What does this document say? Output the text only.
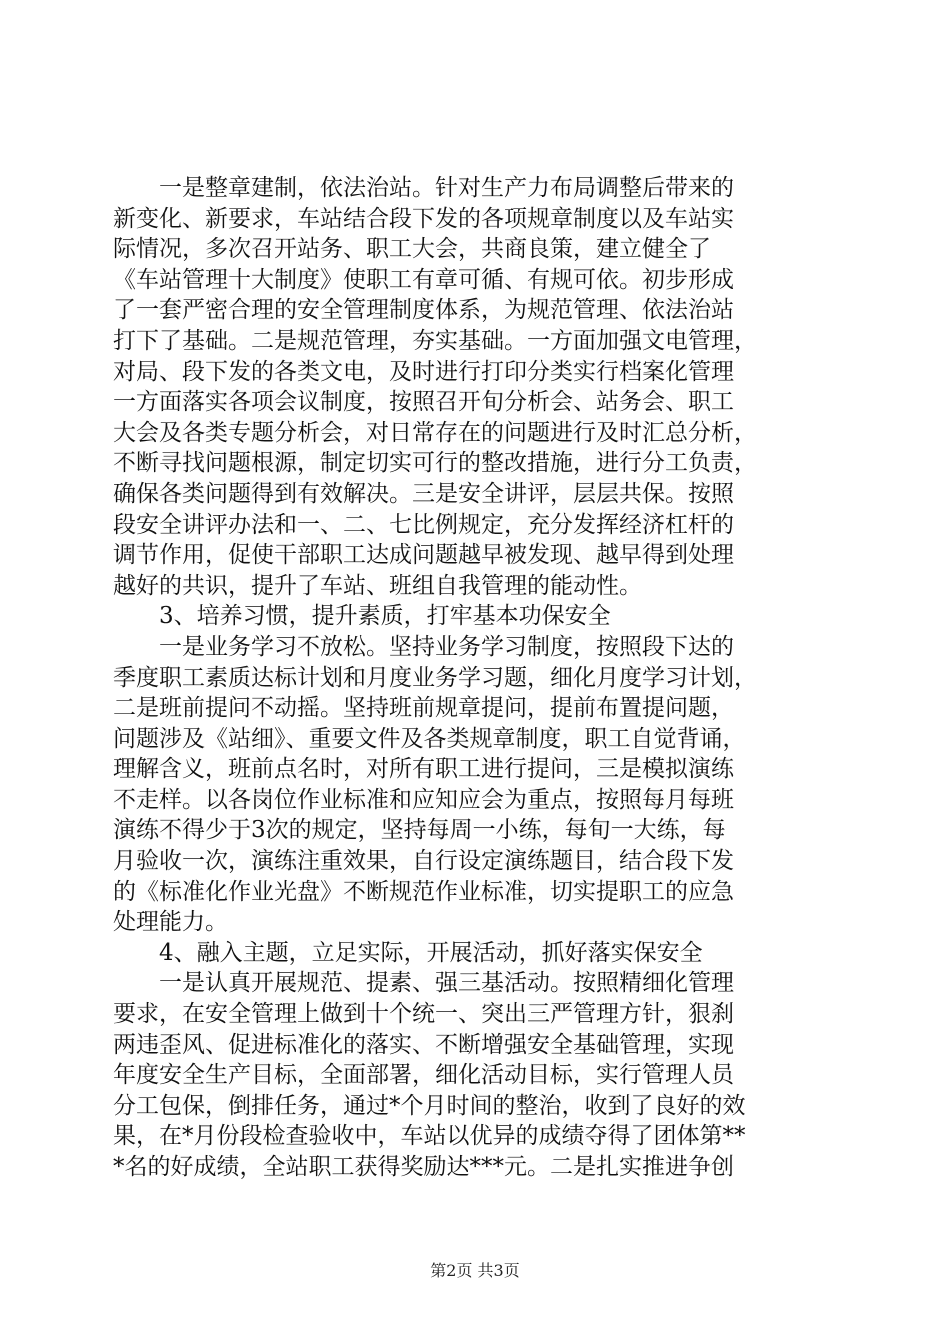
一是整章建制，依法治站。针对生产力布局调整后带来的
新变化、新要求，车站结合段下发的各项规章制度以及车站实
际情况，多次召开站务、职工大会，共商良策，建立健全了
《车站管理十大制度》使职工有章可循、有规可依。初步形成
了一套严密合理的安全管理制度体系，为规范管理、依法治站
打下了基础。二是规范管理，夯实基础。一方面加强文电管理，
对局、段下发的各类文电，及时进行打印分类实行档案化管理
一方面落实各项会议制度，按照召开旬分析会、站务会、职工
大会及各类专题分析会，对日常存在的问题进行及时汇总分析，
不断寻找问题根源，制定切实可行的整改措施，进行分工负责，
确保各类问题得到有效解决。三是安全讲评，层层共保。按照
段安全讲评办法和一、二、七比例规定，充分发挥经济杠杆的
调节作用，促使干部职工达成问题越早被发现、越早得到处理
越好的共识，提升了车站、班组自我管理的能动性。
3、培养习惯，提升素质，打牢基本功保安全
一是业务学习不放松。坚持业务学习制度，按照段下达的
季度职工素质达标计划和月度业务学习题，细化月度学习计划，
二是班前提问不动摇。坚持班前规章提问，提前布置提问题，
问题涉及《站细》、重要文件及各类规章制度，职工自觉背诵，
理解含义，班前点名时，对所有职工进行提问，三是模拟演练
不走样。以各岗位作业标准和应知应会为重点，按照每月每班
演练不得少于3次的规定，坚持每周一小练，每旬一大练，每
月验收一次，演练注重效果，自行设定演练题目，结合段下发
的《标准化作业光盘》不断规范作业标准，切实提职工的应急
处理能力。
4、融入主题，立足实际，开展活动，抓好落实保安全
一是认真开展规范、提素、强三基活动。按照精细化管理
要求，在安全管理上做到十个统一、突出三严管理方针，狠刹
两违歪风、促进标准化的落实、不断增强安全基础管理，实现
年度安全生产目标，全面部署，细化活动目标，实行管理人员
分工包保，倒排任务，通过*个月时间的整治，收到了良好的效
果，在*月份段检查验收中，车站以优异的成绩夺得了团体第**
*名的好成绩，全站职工获得奖励达***元。二是扎实推进争创
第2页 共3页
